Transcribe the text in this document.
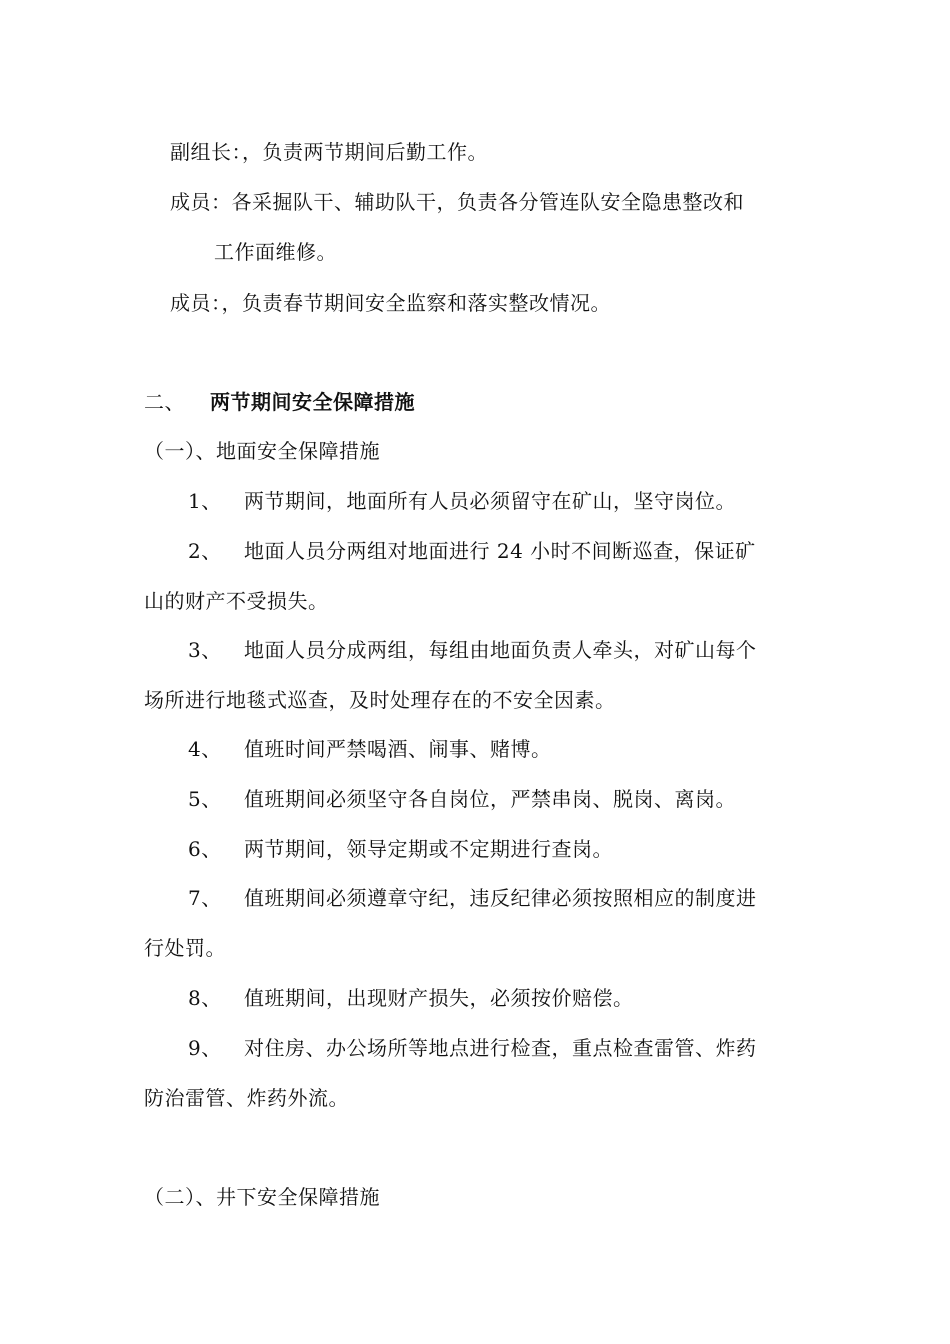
副组长：，负责两节期间后勤工作。
成员：各采掘队干、辅助队干，负责各分管连队安全隐患整改和
工作面维修。
成员：，负责春节期间安全监察和落实整改情况。
二、 两节期间安全保障措施
（一）、地面安全保障措施
1、 两节期间，地面所有人员必须留守在矿山，坚守岗位。
2、 地面人员分两组对地面进行 24 小时不间断巡查，保证矿
山的财产不受损失。
3、 地面人员分成两组，每组由地面负责人牵头，对矿山每个
场所进行地毯式巡查，及时处理存在的不安全因素。
4、 值班时间严禁喝酒、闹事、赌博。
5、 值班期间必须坚守各自岗位，严禁串岗、脱岗、离岗。
6、 两节期间，领导定期或不定期进行查岗。
7、 值班期间必须遵章守纪，违反纪律必须按照相应的制度进
行处罚。
8、 值班期间，出现财产损失，必须按价赔偿。
9、 对住房、办公场所等地点进行检查，重点检查雷管、炸药
防治雷管、炸药外流。
（二）、井下安全保障措施
